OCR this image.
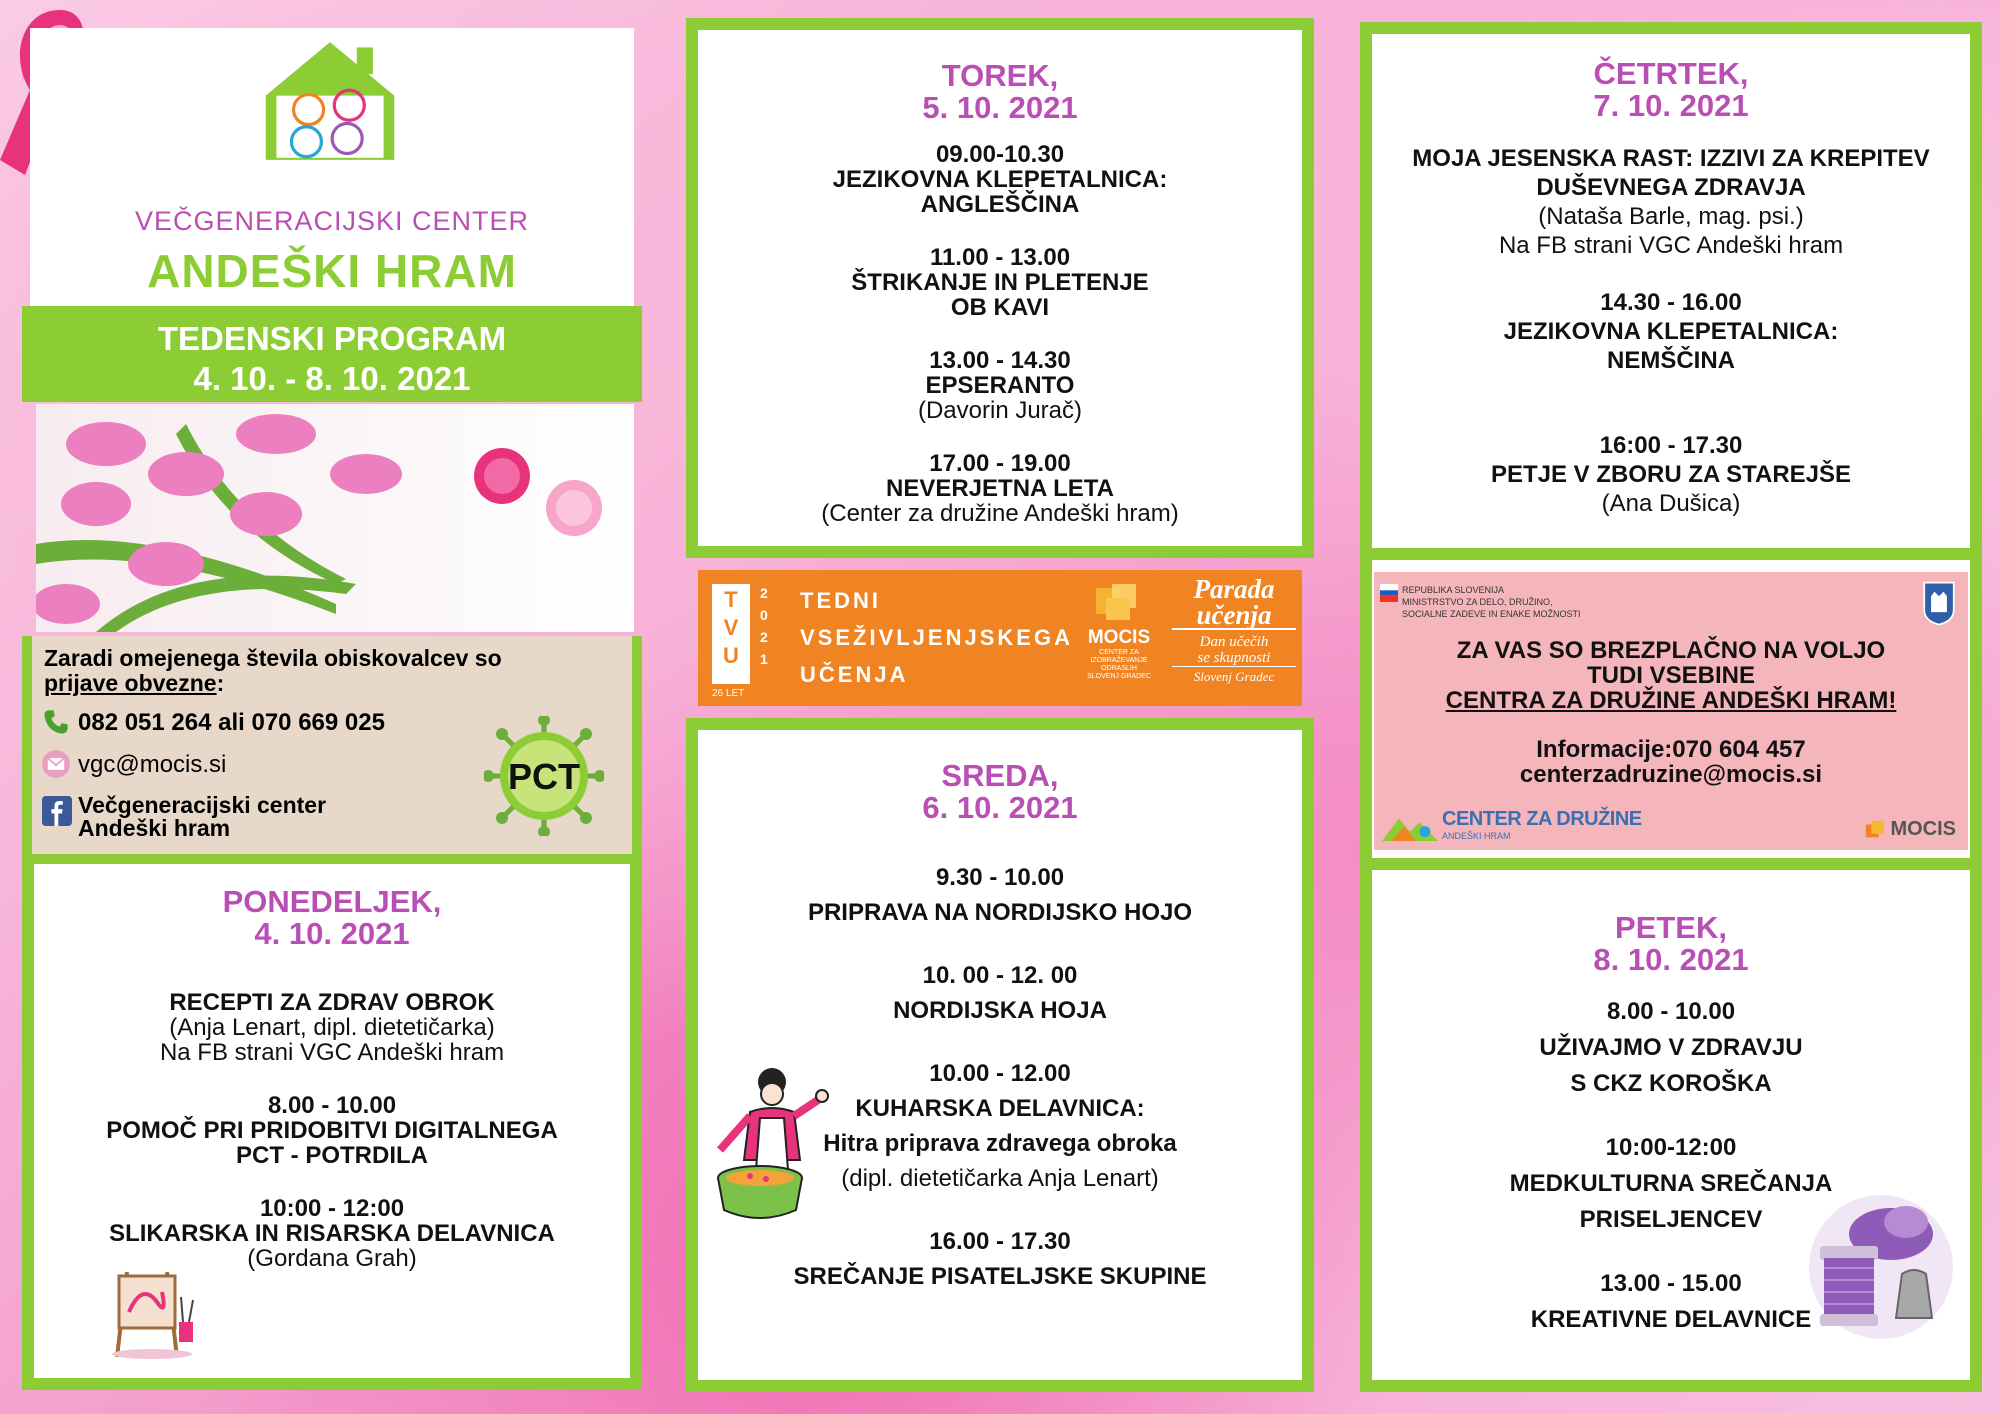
VEČGENERACIJSKI CENTER
ANDEŠKI HRAM
TEDENSKI PROGRAM
4. 10. - 8. 10. 2021
Zaradi omejenega števila obiskovalcev so
prijave obvezne:
082 051 264 ali 070 669 025
vgc@mocis.si
Večgeneracijski center
Andeški hram
PCT
PONEDELJEK,
4. 10. 2021
RECEPTI ZA ZDRAV OBROK
(Anja Lenart, dipl. dietetičarka)
Na FB strani VGC Andeški hram
8.00 - 10.00
POMOČ PRI PRIDOBITVI DIGITALNEGA
PCT - POTRDILA
10:00 - 12:00
SLIKARSKA IN RISARSKA DELAVNICA
(Gordana Grah)
TOREK,
5. 10. 2021
09.00-10.30
JEZIKOVNA KLEPETALNICA:
ANGLEŠČINA
11.00 - 13.00
ŠTRIKANJE IN PLETENJE
OB KAVI
13.00 - 14.30
EPSERANTO
(Davorin Jurač)
17.00 - 19.00
NEVERJETNA LETA
(Center za družine Andeški hram)
TVU
2
0
2
1
26 LET
TEDNI
VSEŽIVLJENJSKEGA
UČENJA
MOCIS
CENTER ZA
IZOBRAŽEVANJE
ODRASLIH
SLOVENJ GRADEC
Parada
učenja
Dan učečih
se skupnosti
Slovenj Gradec
SREDA,
6. 10. 2021
9.30 - 10.00
PRIPRAVA NA NORDIJSKO HOJO
10. 00 - 12. 00
NORDIJSKA HOJA
10.00 - 12.00
KUHARSKA DELAVNICA:
Hitra priprava zdravega obroka
(dipl. dietetičarka Anja Lenart)
16.00 - 17.30
SREČANJE PISATELJSKE SKUPINE
ČETRTEK,
7. 10. 2021
MOJA JESENSKA RAST: IZZIVI ZA KREPITEV
DUŠEVNEGA ZDRAVJA
(Nataša Barle, mag. psi.)
Na FB strani VGC Andeški hram
14.30 - 16.00
JEZIKOVNA KLEPETALNICA:
NEMŠČINA
16:00 - 17.30
PETJE V ZBORU ZA STAREJŠE
(Ana Dušica)
REPUBLIKA SLOVENIJA
MINISTRSTVO ZA DELO, DRUŽINO,
SOCIALNE ZADEVE IN ENAKE MOŽNOSTI
ZA VAS SO BREZPLAČNO NA VOLJO
TUDI VSEBINE
CENTRA ZA DRUŽINE ANDEŠKI HRAM!
Informacije:070 604 457
centerzadruzine@mocis.si
CENTER ZA DRUŽINE
ANDEŠKI HRAM	MOCIS
PETEK,
8. 10. 2021
8.00 - 10.00
UŽIVAJMO V ZDRAVJU
S CKZ KOROŠKA
10:00-12:00
MEDKULTURNA SREČANJA
PRISELJENCEV
13.00 - 15.00
KREATIVNE DELAVNICE
